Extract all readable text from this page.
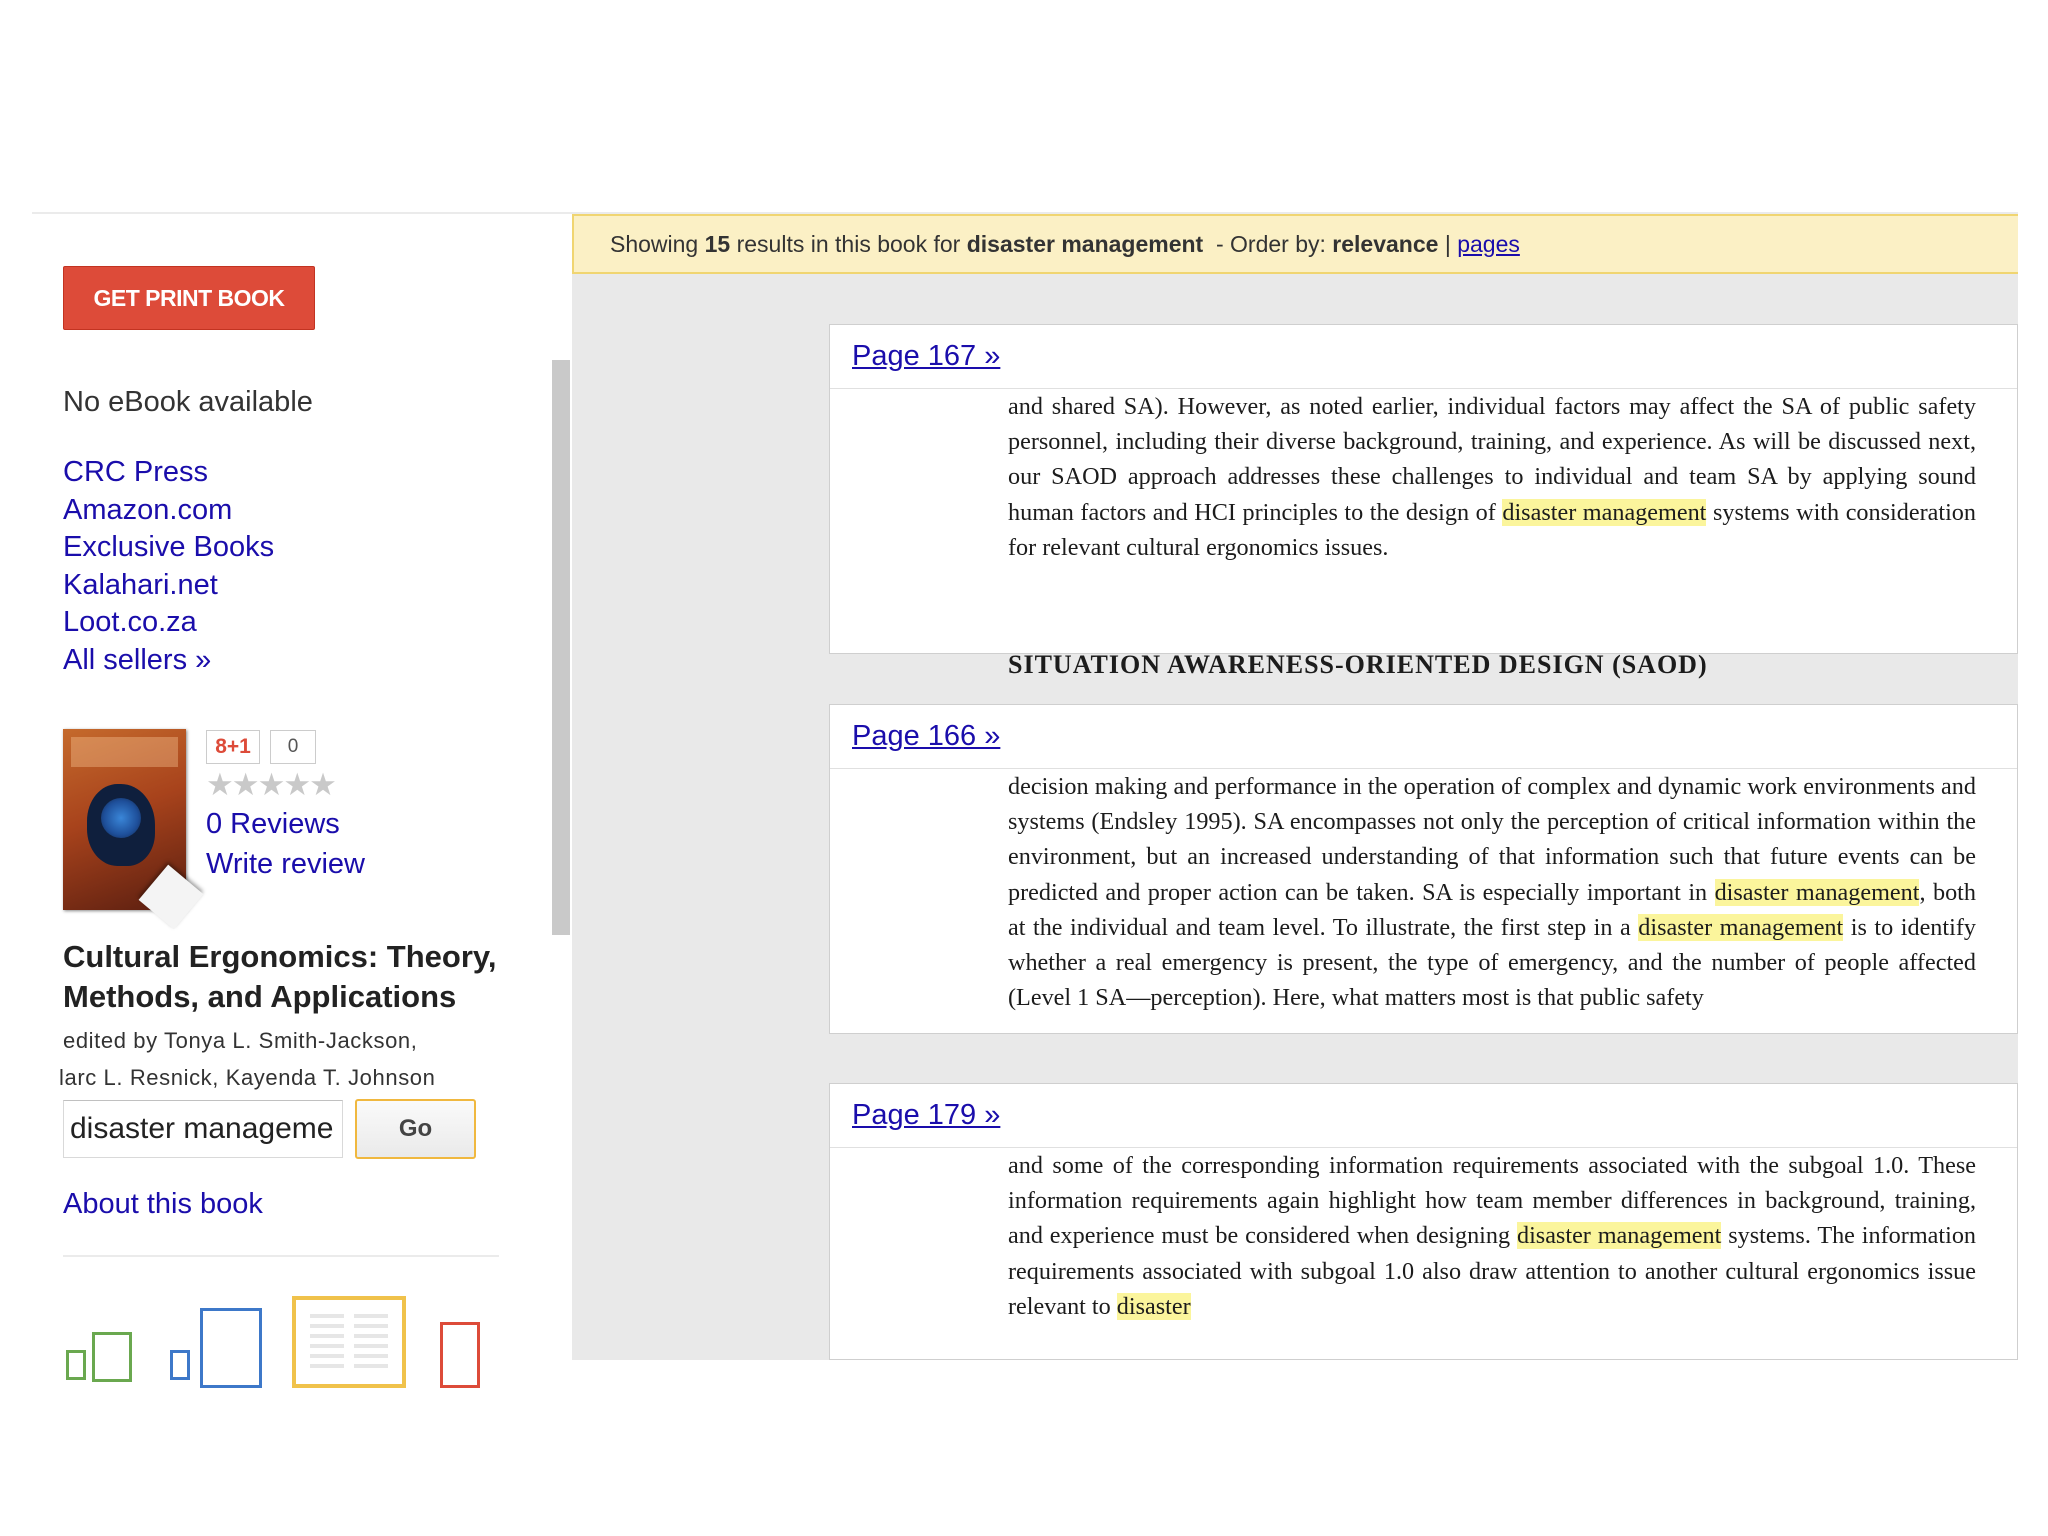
GET PRINT BOOK
No eBook available
CRC Press
Amazon.com
Exclusive Books
Kalahari.net
Loot.co.za
All sellers »
8+1	0
★★★★★
0 Reviews
Write review
Cultural Ergonomics: Theory, Methods, and Applications
edited by Tonya L. Smith-Jackson,
larc L. Resnick, Kayenda T. Johnson
disaster manageme
Go
About this book
Showing
15
results in this book for
disaster management
- Order by:
relevance
|
pages
Page 167 »

and shared SA). However, as noted earlier, individual factors may affect the SA of public safety personnel, including their diverse background, training, and experience. As will be discussed next, our SAOD approach addresses these challenges to individual and team SA by applying sound human factors and HCI principles to the design of disaster management systems with consideration for relevant cultural ergonomics issues.

SITUATION AWARENESS-ORIENTED DESIGN (SAOD)
Page 166 »

decision making and performance in the operation of complex and dynamic work environments and systems (Endsley 1995). SA encompasses not only the perception of critical information within the environment, but an increased understanding of that information such that future events can be predicted and proper action can be taken. SA is especially important in disaster management, both at the individual and team level. To illustrate, the first step in a disaster management is to identify whether a real emergency is present, the type of emergency, and the number of people affected (Level 1 SA—perception). Here, what matters most is that public safety

Page 179 »

and some of the corresponding information requirements associated with the subgoal 1.0. These information requirements again highlight how team member differences in background, training, and experience must be considered when designing disaster management systems. The information requirements associated with subgoal 1.0 also draw attention to another cultural ergonomics issue relevant to disaster
